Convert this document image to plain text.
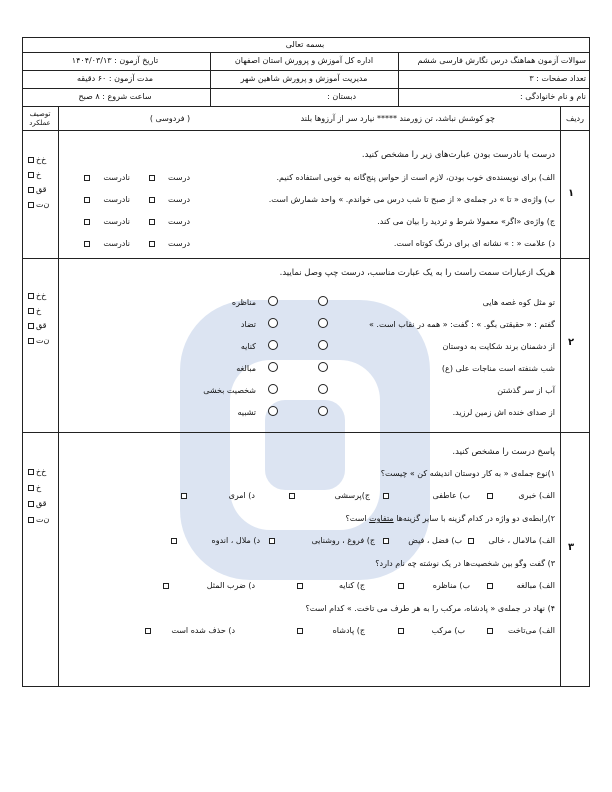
بسمه تعالی
سوالات آزمون هماهنگ درس نگارش فارسی ششم
اداره کل آموزش و پرورش استان اصفهان
تاریخ آزمون : ۱۴۰۴/۰۳/۱۳
تعداد صفحات : ۳
مدیریت آموزش و پرورش شاهین شهر
مدت آزمون : ۶۰ دقیقه
نام و نام خانوادگی :
دبستان :
ساعت شروع : ۸ صبح
ردیف
چو کوشش نباشد، تن زورمند ***** نیارد سر از آرزوها بلند
( فردوسی )
توصیف عملکرد
۱
درست یا نادرست بودن عبارت‌های زیر را مشخص کنید.
الف) برای نویسنده‌ی خوب بودن، لازم است از حواس پنج‌گانه به خوبی استفاده کنیم.
ب) واژه‌ی « تا » در جمله‌ی « از صبح تا شب درس می خواندم. » واحد شمارش است.
ج) واژه‌ی «اگر» معمولا شرط و تردید را بیان می کند.
د) علامت « : » نشانه ای برای درنگ کوتاه است.
درست
نادرست
درست
نادرست
درست
نادرست
درست
نادرست
خ‌خ
خ
قق
ن‌ت
۲
هریک ازعبارات سمت راست را به یک عبارت مناسب، درست چپ وصل نمایید.
تو مثل کوه غصه هایی
گفتم : « حقیقتی بگو. » : گفت: « همه در نقاب است. »
از دشمنان برند شکایت به دوستان
شب شنفته است مناجات علی (ع)
آب از سر گذشتن
از صدای خنده اش زمین لرزید.
مناظره
تضاد
کنایه
مبالغه
شخصیت بخشی
تشبیه
خ‌خ
خ
قق
ن‌ت
۳
پاسخ درست را مشخص کنید.
۱)نوع جمله‌ی « به کار دوستان اندیشه کن » چیست؟
الف) خبری
ب) عاطفی
ج)پرسشی
د) امری
۲)رابطه‌ی دو واژه در کدام گزینه با سایر گزینه‌ها متفاوت است؟
الف) مالامال ، خالی
ب) فضل ، فیض
ج) فروغ ، روشنایی
د) ملال ، اندوه
۳) گفت وگو بین شخصیت‌ها در یک نوشته چه نام دارد؟
الف) مبالغه
ب) مناظره
ج) کنایه
د) ضرب المثل
۴) نهاد در جمله‌ی « پادشاه، مرکب را به هر طرف می تاخت. » کدام است؟
الف) می‌تاخت
ب) مرکب
ج) پادشاه
د) حذف شده است
خ‌خ
خ
قق
ن‌ت
